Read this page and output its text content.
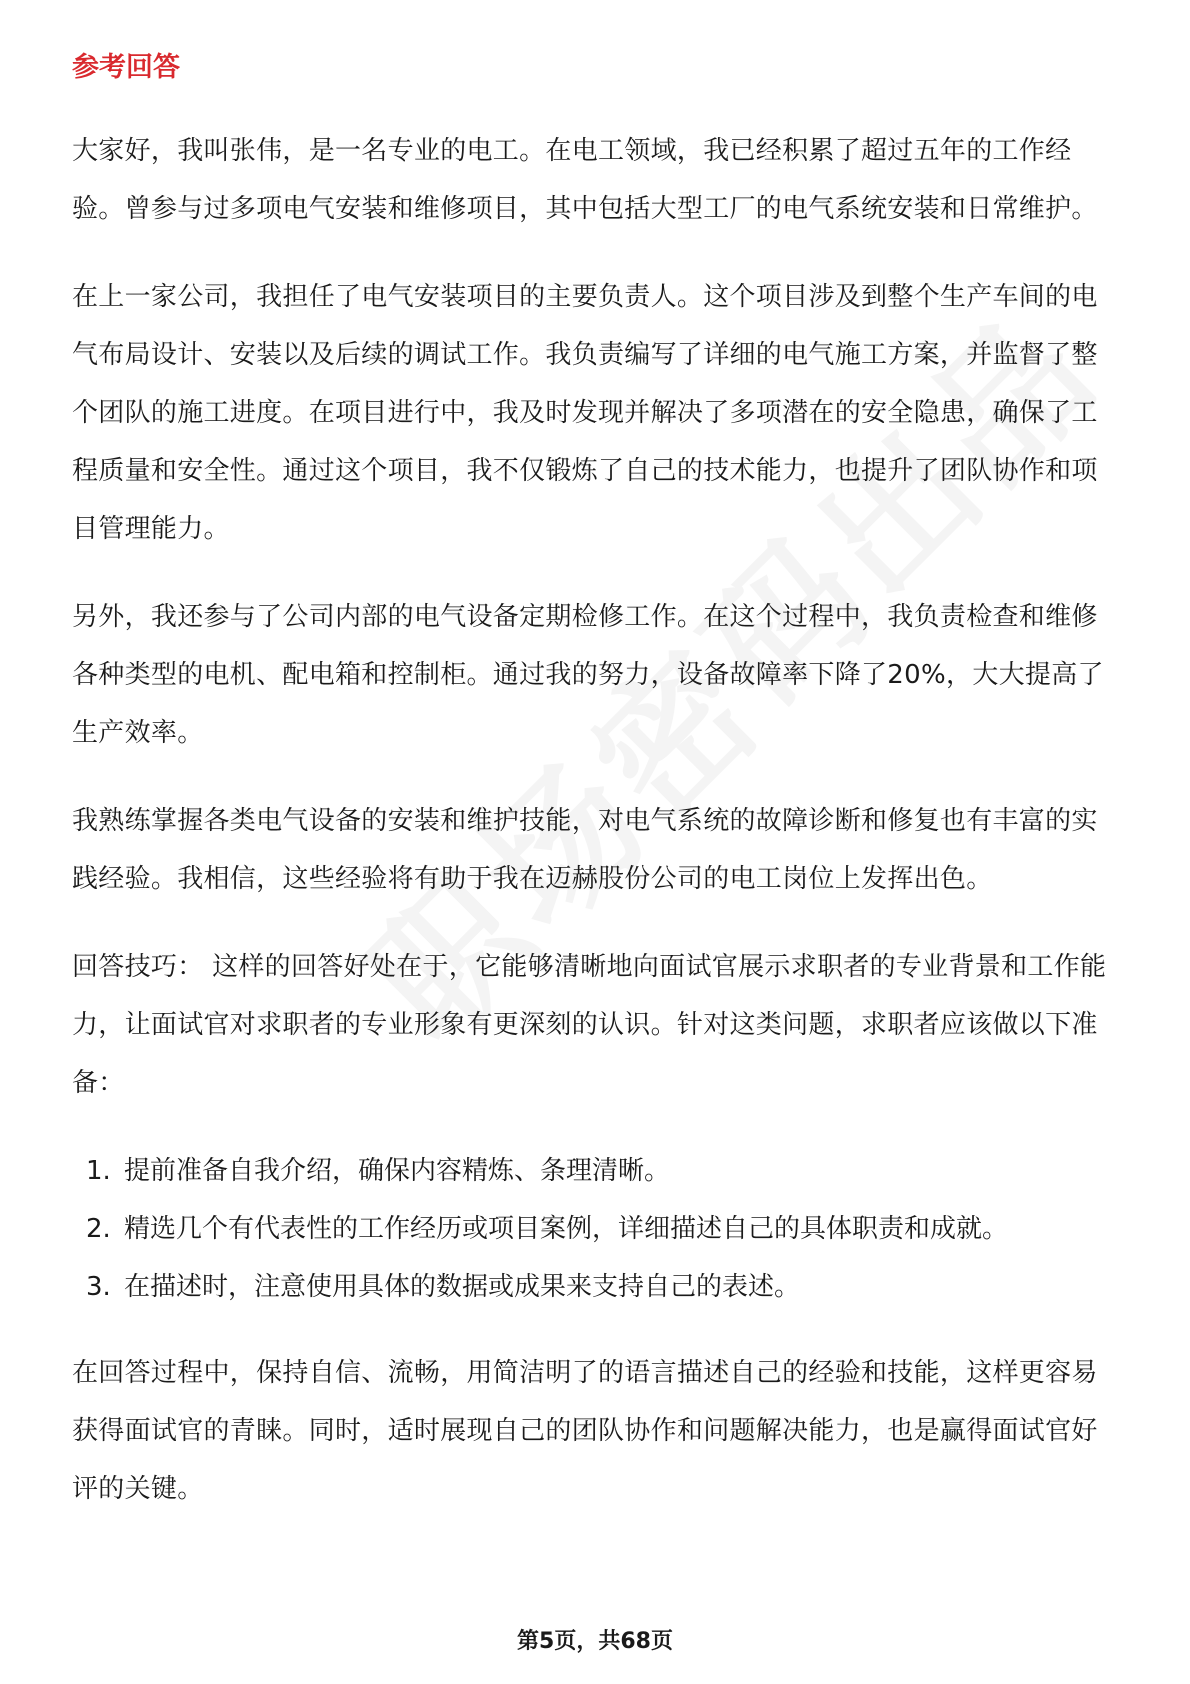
参考回答

大家好，我叫张伟，是一名专业的电工。在电工领域，我已经积累了超过五年的工作经验。曾参与过多项电气安装和维修项目，其中包括大型工厂的电气系统安装和日常维护。

在上一家公司，我担任了电气安装项目的主要负责人。这个项目涉及到整个生产车间的电气布局设计、安装以及后续的调试工作。我负责编写了详细的电气施工方案，并监督了整个团队的施工进度。在项目进行中，我及时发现并解决了多项潜在的安全隐患，确保了工程质量和安全性。通过这个项目，我不仅锻炼了自己的技术能力，也提升了团队协作和项目管理能力。

另外，我还参与了公司内部的电气设备定期检修工作。在这个过程中，我负责检查和维修各种类型的电机、配电箱和控制柜。通过我的努力，设备故障率下降了20%，大大提高了生产效率。

我熟练掌握各类电气设备的安装和维护技能，对电气系统的故障诊断和修复也有丰富的实践经验。我相信，这些经验将有助于我在迈赫股份公司的电工岗位上发挥出色。

回答技巧： 这样的回答好处在于，它能够清晰地向面试官展示求职者的专业背景和工作能力，让面试官对求职者的专业形象有更深刻的认识。针对这类问题，求职者应该做以下准备：

1. 提前准备自我介绍，确保内容精炼、条理清晰。
2. 精选几个有代表性的工作经历或项目案例，详细描述自己的具体职责和成就。
3. 在描述时，注意使用具体的数据或成果来支持自己的表述。

在回答过程中，保持自信、流畅，用简洁明了的语言描述自己的经验和技能，这样更容易获得面试官的青睐。同时，适时展现自己的团队协作和问题解决能力，也是赢得面试官好评的关键。

第5页，共68页
